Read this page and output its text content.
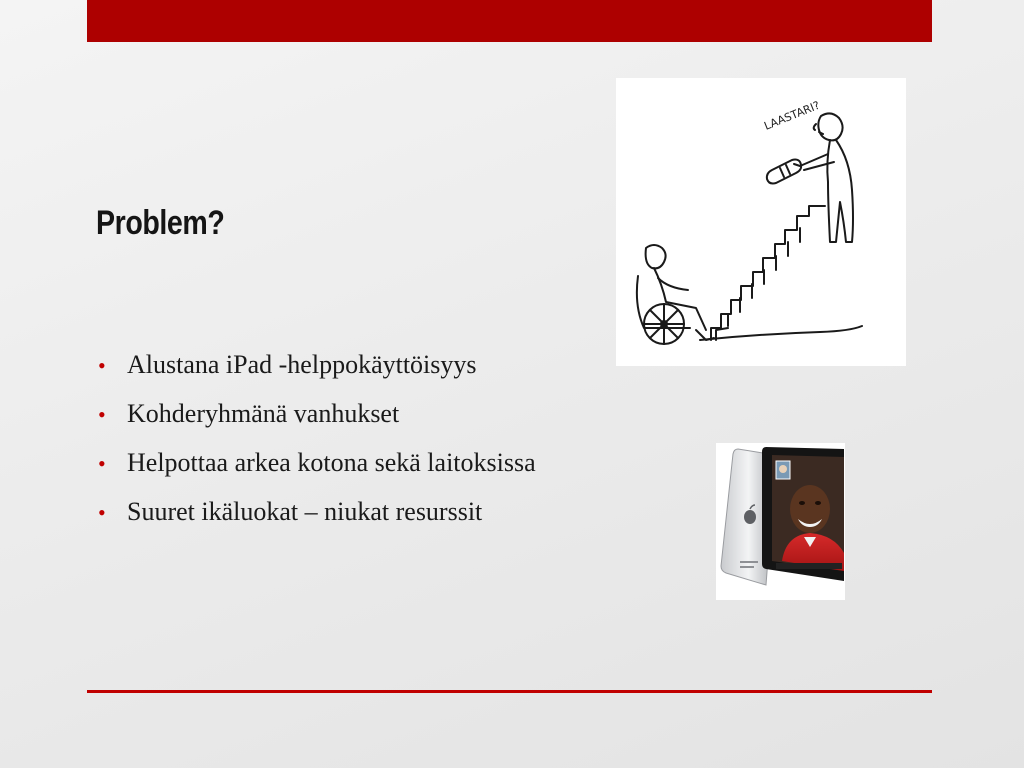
Problem?
• Alustana iPad -helppokäyttöisyys
• Kohderyhmänä vanhukset
• Helpottaa arkea kotona sekä laitoksissa
• Suuret ikäluokat – niukat resurssit
LAASTARI?
